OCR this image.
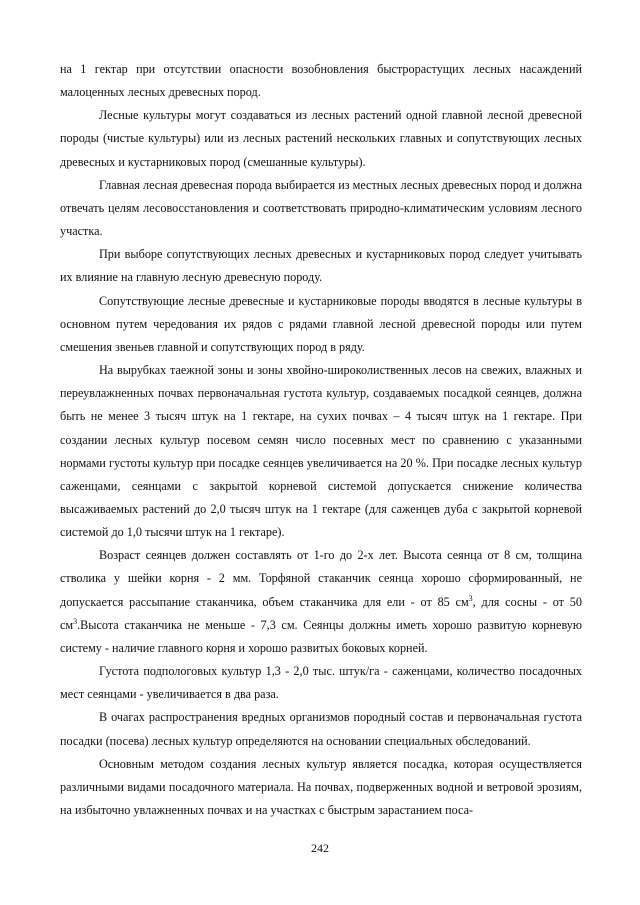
на 1 гектар при отсутствии опасности возобновления быстрорастущих лесных насаждений малоценных лесных древесных пород.

Лесные культуры могут создаваться из лесных растений одной главной лесной древесной породы (чистые культуры) или из лесных растений нескольких главных и сопутствующих лесных древесных и кустарниковых пород (смешанные культуры).

Главная лесная древесная порода выбирается из местных лесных древесных пород и должна отвечать целям лесовосстановления и соответствовать природно-климатическим условиям лесного участка.

При выборе сопутствующих лесных древесных и кустарниковых пород следует учитывать их влияние на главную лесную древесную породу.

Сопутствующие лесные древесные и кустарниковые породы вводятся в лесные культуры в основном путем чередования их рядов с рядами главной лесной древесной породы или путем смешения звеньев главной и сопутствующих пород в ряду.

На вырубках таежной зоны и зоны хвойно-широколиственных лесов на свежих, влажных и переувлажненных почвах первоначальная густота культур, создаваемых посадкой сеянцев, должна быть не менее 3 тысяч штук на 1 гектаре, на сухих почвах – 4 тысяч штук на 1 гектаре. При создании лесных культур посевом семян число посевных мест по сравнению с указанными нормами густоты культур при посадке сеянцев увеличивается на 20 %. При посадке лесных культур саженцами, сеянцами с закрытой корневой системой допускается снижение количества высаживаемых растений до 2,0 тысяч штук на 1 гектаре (для саженцев дуба с закрытой корневой системой до 1,0 тысячи штук на 1 гектаре).

Возраст сеянцев должен составлять от 1-го до 2-х лет. Высота сеянца от 8 см, толщина стволика у шейки корня - 2 мм. Торфяной стаканчик сеянца хорошо сформированный, не допускается рассыпание стаканчика, объем стаканчика для ели - от 85 $см^3$, для сосны - от 50 $см^3.Высота$ стаканчика не меньше - 7,3 см. Сеянцы должны иметь хорошо развитую корневую систему - наличие главного корня и хорошо развитых боковых корней.

Густота подпологовых культур 1,3 - 2,0 тыс. штук/га - саженцами, количество посадочных мест сеянцами - увеличивается в два раза.

В очагах распространения вредных организмов породный состав и первоначальная густота посадки (посева) лесных культур определяются на основании специальных обследований.

Основным методом создания лесных культур является посадка, которая осуществляется различными видами посадочного материала. На почвах, подверженных водной и ветровой эрозиям, на избыточно увлажненных почвах и на участках с быстрым зарастанием поса-

242
